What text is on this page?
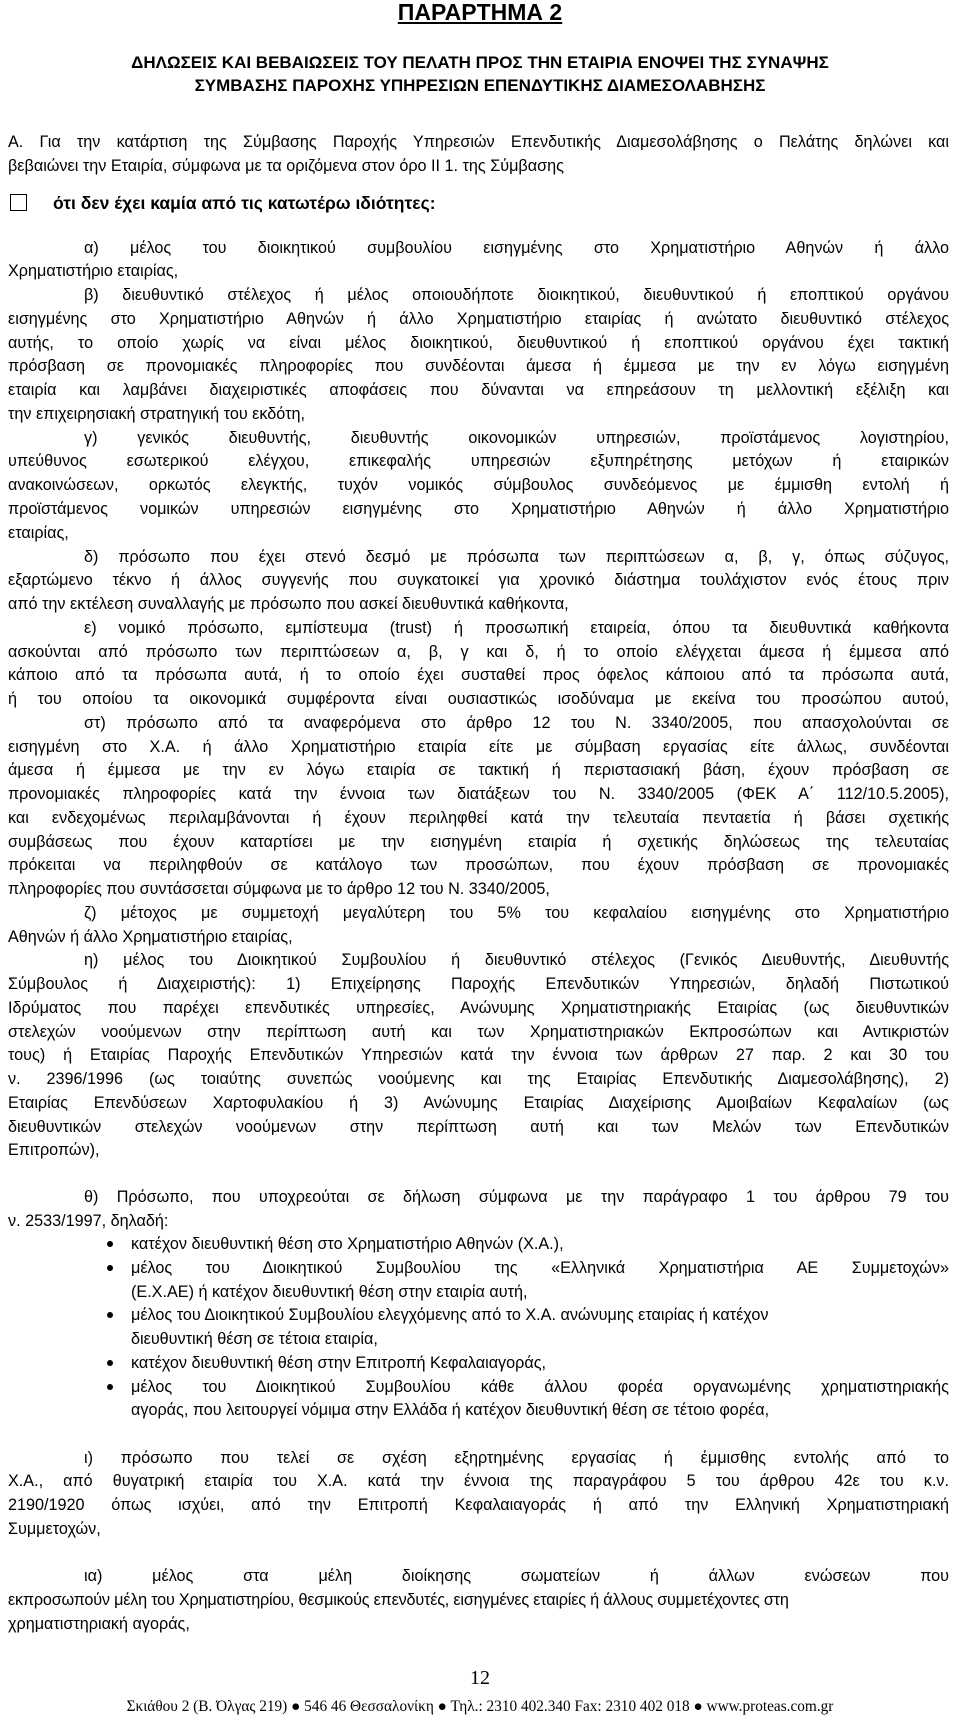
ΠΑΡΑΡΤΗΜΑ 2
ΔΗΛΩΣΕΙΣ ΚΑΙ ΒΕΒΑΙΩΣΕΙΣ ΤΟΥ ΠΕΛΑΤΗ ΠΡΟΣ ΤΗΝ ΕΤΑΙΡΙΑ ΕΝΟΨΕΙ ΤΗΣ ΣΥΝΑΨΗΣ
ΣΥΜΒΑΣΗΣ ΠΑΡΟΧΗΣ ΥΠΗΡΕΣΙΩΝ ΕΠΕΝΔΥΤΙΚΗΣ ΔΙΑΜΕΣΟΛΑΒΗΣΗΣ
Α. Για την κατάρτιση της Σύμβασης Παροχής Υπηρεσιών Επενδυτικής Διαμεσολάβησης ο Πελάτης δηλώνει και
βεβαιώνει την Εταιρία, σύμφωνα με τα οριζόμενα στον όρο ΙΙ 1. της Σύμβασης
ότι δεν έχει καμία από τις κατωτέρω ιδιότητες:
α) μέλος του διοικητικού συμβουλίου εισηγμένης στο Χρηματιστήριο Αθηνών ή άλλο
Χρηματιστήριο εταιρίας,
β) διευθυντικό στέλεχος ή μέλος οποιουδήποτε διοικητικού, διευθυντικού ή εποπτικού οργάνου
εισηγμένης στο Χρηματιστήριο Αθηνών ή άλλο Χρηματιστήριο εταιρίας ή ανώτατο διευθυντικό στέλεχος
αυτής, το οποίο χωρίς να είναι μέλος διοικητικού, διευθυντικού ή εποπτικού οργάνου έχει τακτική
πρόσβαση σε προνομιακές πληροφορίες που συνδέονται άμεσα ή έμμεσα με την εν λόγω εισηγμένη
εταιρία και λαμβάνει διαχειριστικές αποφάσεις που δύνανται να επηρεάσουν τη μελλοντική εξέλιξη και
την επιχειρησιακή στρατηγική του εκδότη,
γ) γενικός διευθυντής, διευθυντής οικονομικών υπηρεσιών, προϊστάμενος λογιστηρίου,
υπεύθυνος εσωτερικού ελέγχου, επικεφαλής υπηρεσιών εξυπηρέτησης μετόχων ή εταιρικών
ανακοινώσεων, ορκωτός ελεγκτής, τυχόν νομικός σύμβουλος συνδεόμενος με έμμισθη εντολή ή
προϊστάμενος νομικών υπηρεσιών εισηγμένης στο Χρηματιστήριο Αθηνών ή άλλο Χρηματιστήριο
εταιρίας,
δ) πρόσωπο που έχει στενό δεσμό με πρόσωπα των περιπτώσεων α, β, γ, όπως σύζυγος,
εξαρτώμενο τέκνο ή άλλος συγγενής που συγκατοικεί για χρονικό διάστημα τουλάχιστον ενός έτους πριν
από την εκτέλεση συναλλαγής με πρόσωπο που ασκεί διευθυντικά καθήκοντα,
ε) νομικό πρόσωπο, εμπίστευμα (trust) ή προσωπική εταιρεία, όπου τα διευθυντικά καθήκοντα
ασκούνται από πρόσωπο των περιπτώσεων α, β, γ και δ, ή το οποίο ελέγχεται άμεσα ή έμμεσα από
κάποιο από τα πρόσωπα αυτά, ή το οποίο έχει συσταθεί προς όφελος κάποιου από τα πρόσωπα αυτά,
ή του οποίου τα οικονομικά συμφέροντα είναι ουσιαστικώς ισοδύναμα με εκείνα του προσώπου αυτού,
στ) πρόσωπο από τα αναφερόμενα στο άρθρο 12 του Ν. 3340/2005, που απασχολούνται σε
εισηγμένη στο Χ.Α. ή άλλο Χρηματιστήριο εταιρία είτε με σύμβαση εργασίας είτε άλλως, συνδέονται
άμεσα ή έμμεσα με την εν λόγω εταιρία σε τακτική ή περιστασιακή βάση, έχουν πρόσβαση σε
προνομιακές πληροφορίες κατά την έννοια των διατάξεων του Ν. 3340/2005 (ΦΕΚ Α΄ 112/10.5.2005),
και ενδεχομένως περιλαμβάνονται ή έχουν περιληφθεί κατά την τελευταία πενταετία ή βάσει σχετικής
συμβάσεως που έχουν καταρτίσει με την εισηγμένη εταιρία ή σχετικής δηλώσεως της τελευταίας
πρόκειται να περιληφθούν σε κατάλογο των προσώπων, που έχουν πρόσβαση σε προνομιακές
πληροφορίες που συντάσσεται σύμφωνα με το άρθρο 12 του Ν. 3340/2005,
ζ) μέτοχος με συμμετοχή μεγαλύτερη του 5% του κεφαλαίου εισηγμένης στο Χρηματιστήριο
Αθηνών ή άλλο Χρηματιστήριο εταιρίας,
η) μέλος του Διοικητικού Συμβουλίου ή διευθυντικό στέλεχος (Γενικός Διευθυντής, Διευθυντής
Σύμβουλος ή Διαχειριστής): 1) Επιχείρησης Παροχής Επενδυτικών Υπηρεσιών, δηλαδή Πιστωτικού
Ιδρύματος που παρέχει επενδυτικές υπηρεσίες, Ανώνυμης Χρηματιστηριακής Εταιρίας (ως διευθυντικών
στελεχών νοούμενων στην περίπτωση αυτή και των Χρηματιστηριακών Εκπροσώπων και Αντικριστών
τους) ή Εταιρίας Παροχής Επενδυτικών Υπηρεσιών κατά την έννοια των άρθρων 27 παρ. 2 και 30 του
ν. 2396/1996 (ως τοιαύτης συνεπώς νοούμενης και της Εταιρίας Επενδυτικής Διαμεσολάβησης), 2)
Εταιρίας Επενδύσεων Χαρτοφυλακίου ή 3) Ανώνυμης Εταιρίας Διαχείρισης Αμοιβαίων Κεφαλαίων (ως
διευθυντικών στελεχών νοούμενων στην περίπτωση αυτή και των Μελών των Επενδυτικών
Επιτροπών),
θ) Πρόσωπο, που υποχρεούται σε δήλωση σύμφωνα με την παράγραφο 1 του άρθρου 79 του
ν. 2533/1997, δηλαδή:
κατέχον διευθυντική θέση στο Χρηματιστήριο Αθηνών (Χ.Α.),
μέλος του Διοικητικού Συμβουλίου της «Ελληνικά Χρηματιστήρια ΑΕ Συμμετοχών»
(Ε.Χ.ΑΕ) ή κατέχον διευθυντική θέση στην εταιρία αυτή,
μέλος του Διοικητικού Συμβουλίου ελεγχόμενης από το Χ.Α. ανώνυμης εταιρίας ή κατέχον
διευθυντική θέση σε τέτοια εταιρία,
κατέχον διευθυντική θέση στην Επιτροπή Κεφαλαιαγοράς,
μέλος του Διοικητικού Συμβουλίου κάθε άλλου φορέα οργανωμένης χρηματιστηριακής
αγοράς, που λειτουργεί νόμιμα στην Ελλάδα ή κατέχον διευθυντική θέση σε τέτοιο φορέα,
ι) πρόσωπο που τελεί σε σχέση εξηρτημένης εργασίας ή έμμισθης εντολής από το
Χ.Α., από θυγατρική εταιρία του Χ.Α. κατά την έννοια της παραγράφου 5 του άρθρου 42ε του κ.ν.
2190/1920 όπως ισχύει, από την Επιτροπή Κεφαλαιαγοράς ή από την Ελληνική Χρηματιστηριακή
Συμμετοχών,
ια) μέλος στα μέλη διοίκησης σωματείων ή άλλων ενώσεων που
εκπροσωπούν μέλη του Χρηματιστηρίου, θεσμικούς επενδυτές, εισηγμένες εταιρίες ή άλλους συμμετέχοντες στη
χρηματιστηριακή αγοράς,
12
Σκιάθου 2 (Β. Όλγας 219) ● 546 46 Θεσσαλονίκη ● Τηλ.: 2310 402.340 Fax: 2310 402 018 ● www.proteas.com.gr
